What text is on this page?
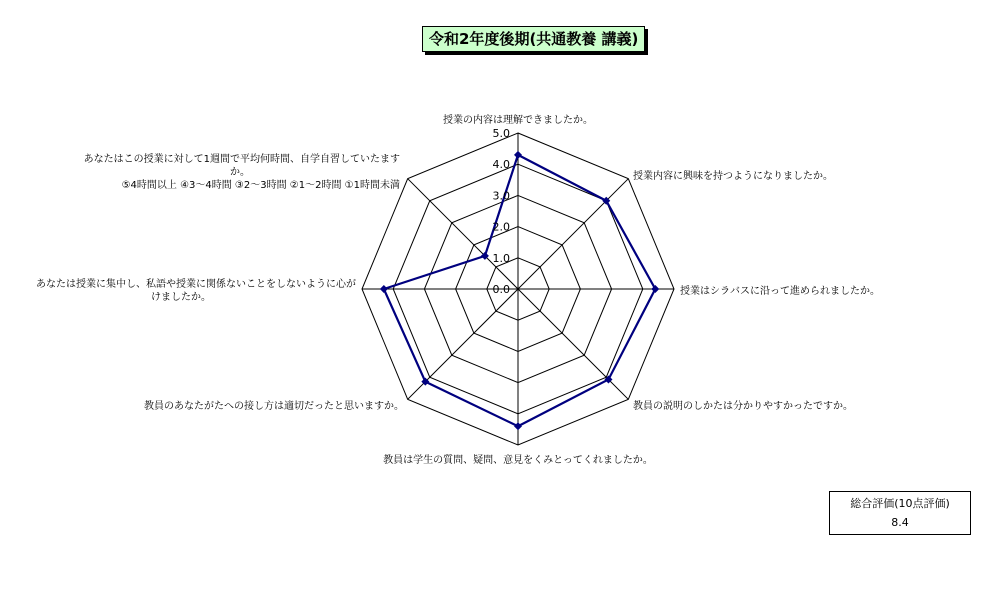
令和2年度後期(共通教養 講義)
0.0
1.0
2.0
3.0
4.0
5.0
授業の内容は理解できましたか。
授業内容に興味を持つようになりましたか。
授業はシラバスに沿って進められましたか。
教員の説明のしかたは分かりやすかったですか。
教員は学生の質問、疑問、意見をくみとってくれましたか。
教員のあなたがたへの接し方は適切だったと思いますか。
あなたは授業に集中し、私語や授業に関係ないことをしないように心がけましたか。
あなたはこの授業に対して1週間で平均何時間、自学自習していたますか。 ⑤4時間以上 ④3～4時間 ③2～3時間 ②1～2時間 ①1時間未満
総合評価(10点評価)
8.4
